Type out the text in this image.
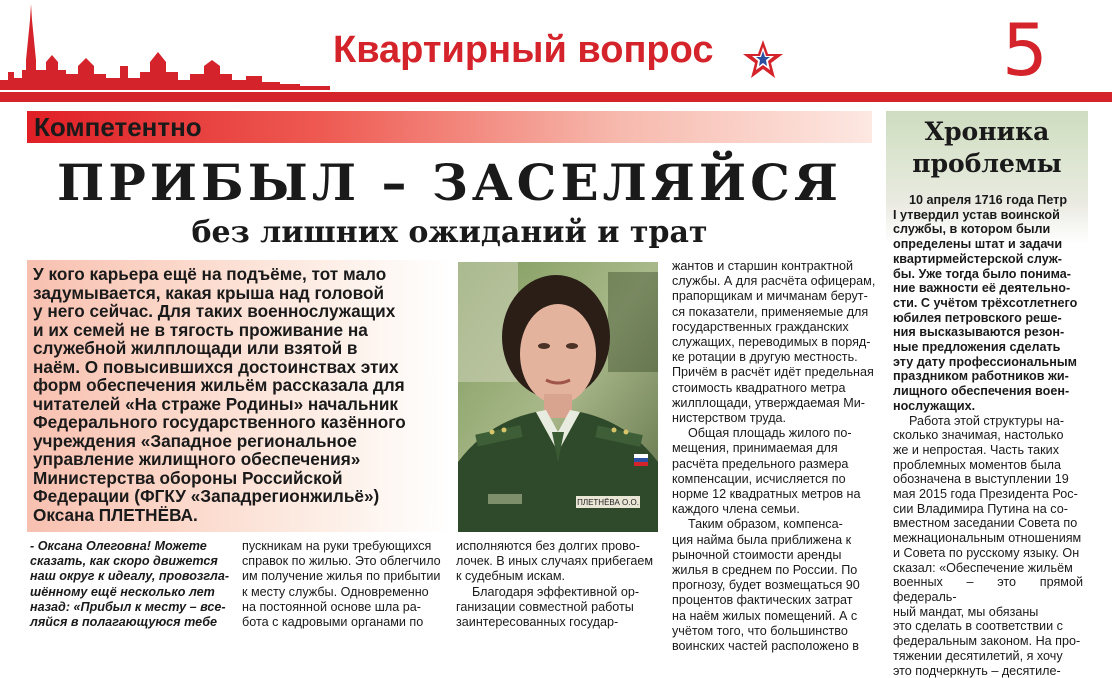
Квартирный вопрос	5
Компетентно
ПРИБЫЛ – ЗАСЕЛЯЙСЯ
без лишних ожиданий и трат

У кого карьера ещё на подъёме, тот мало

задумывается, какая крыша над головой

у него сейчас. Для таких военнослужащих

и их семей не в тягость проживание на

служебной жилплощади или взятой в

наём. О повысившихся достоинствах этих

форм обеспечения жильём рассказала для

читателей «На страже Родины» начальник

Федерального государственного казённого

учреждения «Западное региональное

управление жилищного обеспечения»

Министерства обороны Российской

Федерации (ФГКУ «Западрегионжильё»)

Оксана ПЛЕТНЁВА.

ПЛЕТНЁВА О.О.

- Оксана Олеговна! Можете

сказать, как скоро движется

наш округ к идеалу, провозгла-

шённому ещё несколько лет

назад: «Прибыл к месту – все-

ляйся в полагающуюся тебе

пускникам на руки требующихся

справок по жилью. Это облегчило

им получение жилья по прибытии

к месту службы. Одновременно

на постоянной основе шла ра-

бота с кадровыми органами по

исполняются без долгих прово-

лочек. В иных случаях прибегаем

к судебным искам.

Благодаря эффективной ор-

ганизации совместной работы

заинтересованных государ-

жантов и старшин контрактной

службы. А для расчёта офицерам,

прапорщикам и мичманам берут-

ся показатели, применяемые для

государственных гражданских

служащих, переводимых в поряд-

ке ротации в другую местность.

Причём в расчёт идёт предельная

стоимость квадратного метра

жилплощади, утверждаемая Ми-

нистерством труда.

Общая площадь жилого по-

мещения, принимаемая для

расчёта предельного размера

компенсации, исчисляется по

норме 12 квадратных метров на

каждого члена семьи.

Таким образом, компенса-

ция найма была приближена к

рыночной стоимости аренды

жилья в среднем по России. По

прогнозу, будет возмещаться 90

процентов фактических затрат

на наём жилых помещений. А с

учётом того, что большинство

воинских частей расположено в

Хроника
проблемы

10 апреля 1716 года Петр

I утвердил устав воинской

службы, в котором были

определены штат и задачи

квартирмейстерской служ-

бы. Уже тогда было понима-

ние важности её деятельно-

сти. С учётом трёхсотлетнего

юбилея петровского реше-

ния высказываются резон-

ные предложения сделать

эту дату профессиональным

праздником работников жи-

лищного обеспечения воен-

нослужащих.

Работа этой структуры на-

сколько значимая, настолько

же и непростая. Часть таких

проблемных моментов была

обозначена в выступлении 19

мая 2015 года Президента Рос-

сии Владимира Путина на со-

вместном заседании Совета по

межнациональным отношениям

и Совета по русскому языку. Он

сказал: «Обеспечение жильём

военных – это прямой федераль-

ный мандат, мы обязаны

это сделать в соответствии с

федеральным законом. На про-

тяжении десятилетий, я хочу

это подчеркнуть – десятиле-
